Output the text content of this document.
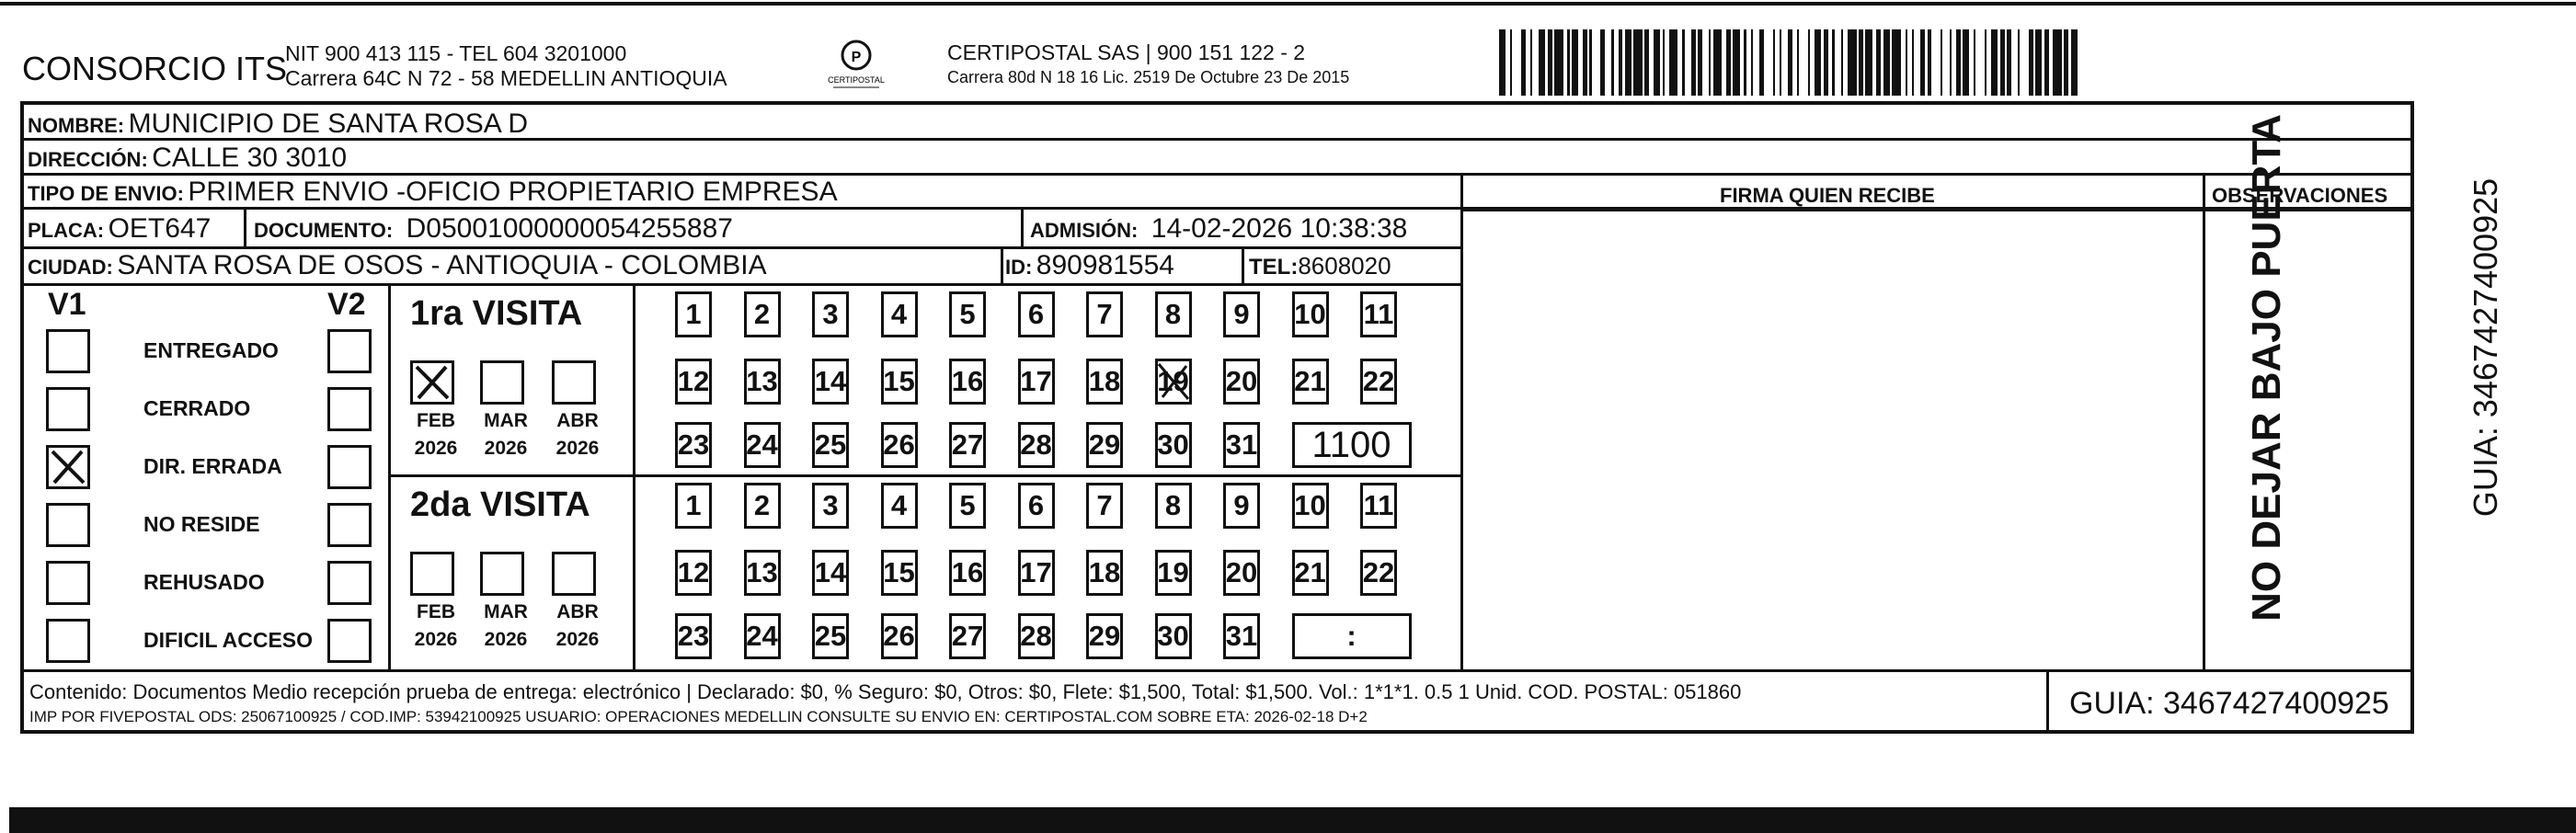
CONSORCIO ITS
NIT 900 413 115 - TEL 604 3201000
Carrera 64C N 72 - 58 MEDELLIN ANTIOQUIA
P
CERTIPOSTAL
CERTIPOSTAL SAS | 900 151 122 - 2
Carrera 80d N 18 16 Lic. 2519 De Octubre 23 De 2015
NOMBRE: MUNICIPIO DE SANTA ROSA D
DIRECCIÓN: CALLE 30 3010
TIPO DE ENVIO: PRIMER ENVIO -OFICIO PROPIETARIO EMPRESA	FIRMA QUIEN RECIBE	OBSERVACIONES
PLACA: OET647 DOCUMENTO: D05001000000054255887	ADMISIÓN: 14-02-2026 10:38:38
CIUDAD: SANTA ROSA DE OSOS - ANTIOQUIA - COLOMBIA	ID: 890981554	TEL:8608020
V1	V2
ENTREGADO
CERRADO
DIR. ERRADA
NO RESIDE
REHUSADO
DIFICIL ACCESO
1ra VISITA
FEB
2026
MAR
2026
ABR
2026
1	2	3	4	5	6	7	8	9	10 11
12 13 14 15 16 17 18 19 20 21 22
23 24 25 26 27 28 29 30 31	1100
2da VISITA
FEB
2026
MAR
2026
ABR
2026
1	2	3	4	5	6	7	8	9	10 11
12 13 14 15 16 17 18 19 20 21 22
23 24 25 26 27 28 29 30 31	:
Contenido: Documentos Medio recepción prueba de entrega: electrónico | Declarado: $0, % Seguro: $0, Otros: $0, Flete: $1,500, Total: $1,500. Vol.: 1*1*1. 0.5 1 Unid. COD. POSTAL: 051860
IMP POR FIVEPOSTAL ODS: 25067100925 / COD.IMP: 53942100925 USUARIO: OPERACIONES MEDELLIN CONSULTE SU ENVIO EN: CERTIPOSTAL.COM SOBRE ETA: 2026-02-18 D+2	GUIA: 3467427400925
NO DEJAR BAJO PUERTA	GUIA: 3467427400925
